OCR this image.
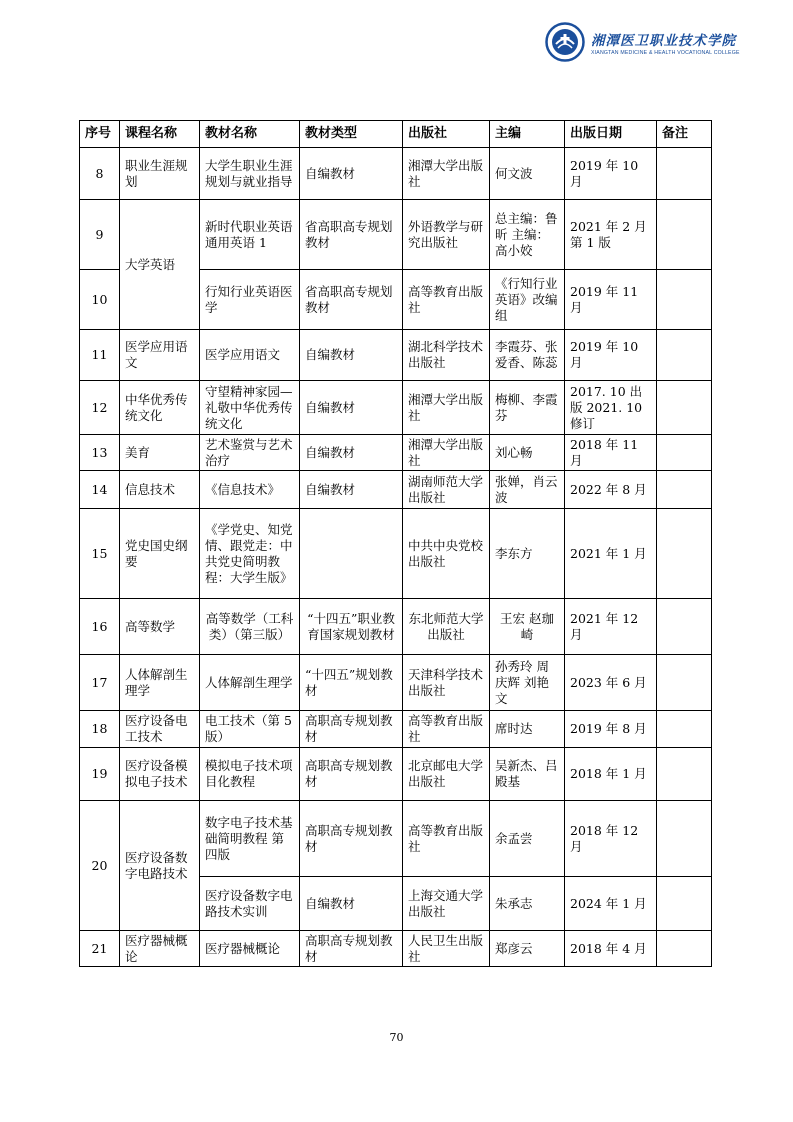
湘潭医卫职业技术学院
XIANGTAN MEDICINE & HEALTH VOCATIONAL COLLEGE
序号	课程名称	教材名称	教材类型	出版社	主编	出版日期	备注
8	职业生涯规划	大学生职业生涯规划与就业指导	自编教材	湘潭大学出版社	何文波	2019 年 10 月	
9	大学英语	新时代职业英语通用英语 1	省高职高专规划教材	外语教学与研究出版社	总主编：鲁昕 主编：高小姣	2021 年 2 月 第 1 版	
10		行知行业英语医学	省高职高专规划教材	高等教育出版社	《行知行业英语》改编组	2019 年 11 月	
11	医学应用语文	医学应用语文	自编教材	湖北科学技术出版社	李霞芬、张爱香、陈蕊	2019 年 10 月	
12	中华优秀传统文化	守望精神家园—礼敬中华优秀传统文化	自编教材	湘潭大学出版社	梅柳、李霞芬	2017. 10 出版 2021. 10 修订	
13	美育	艺术鉴赏与艺术治疗	自编教材	湘潭大学出版社	刘心畅	2018 年 11 月	
14	信息技术	《信息技术》	自编教材	湖南师范大学出版社	张婵，肖云波	2022 年 8 月	
15	党史国史纲要	《学党史、知党情、跟党走：中共党史简明教程：大学生版》		中共中央党校出版社	李东方	2021 年 1 月	
16	高等数学	高等数学（工科类）（第三版）	“十四五”职业教育国家规划教材	东北师范大学出版社	王宏 赵珈崎	2021 年 12 月	
17	人体解剖生理学	人体解剖生理学	“十四五”规划教材	天津科学技术出版社	孙秀玲 周庆辉 刘艳文	2023 年 6 月	
18	医疗设备电工技术	电工技术（第 5 版）	高职高专规划教材	高等教育出版社	席时达	2019 年 8 月	
19	医疗设备模拟电子技术	模拟电子技术项目化教程	高职高专规划教材	北京邮电大学出版社	吴新杰、吕殿基	2018 年 1 月	
20	医疗设备数字电路技术	数字电子技术基础简明教程 第四版	高职高专规划教材	高等教育出版社	余孟尝	2018 年 12 月	
		医疗设备数字电路技术实训	自编教材	上海交通大学出版社	朱承志	2024 年 1 月	
21	医疗器械概论	医疗器械概论	高职高专规划教材	人民卫生出版社	郑彦云	2018 年 4 月	
70
